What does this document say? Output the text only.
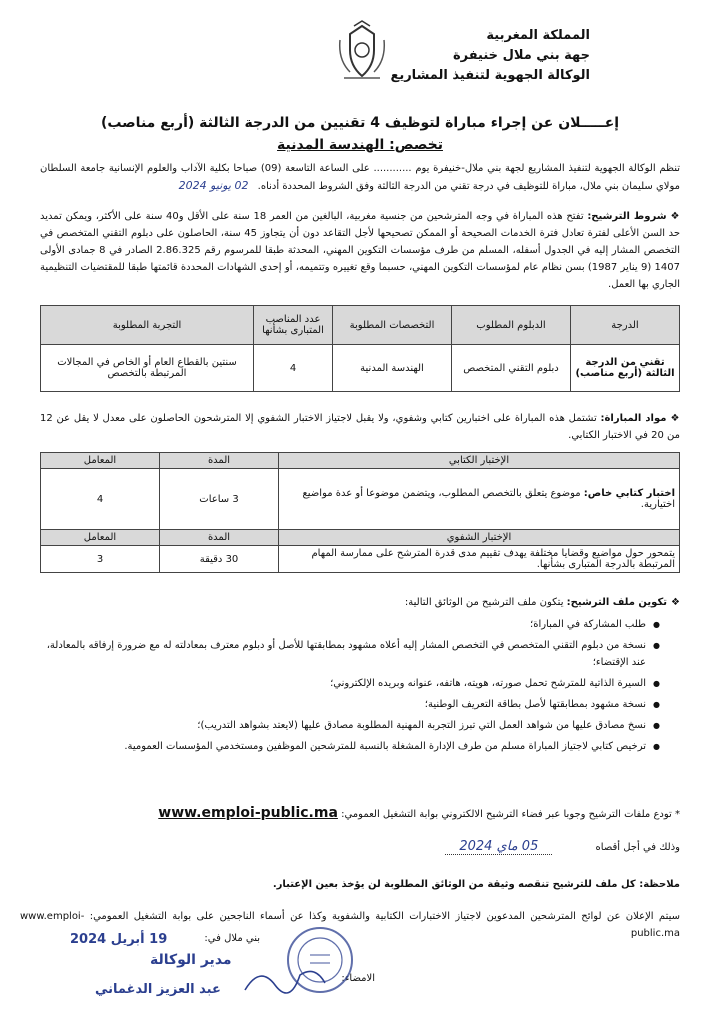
المملكة المغربية
جهة بني ملال خنيفرة
الوكالة الجهوية لتنفيذ المشاريع
إعـــــلان عن إجراء مباراة لتوظيف 4 تقنيين من الدرجة الثالثة (أربع مناصب)
تخصص: الهندسة المدنية
تنظم الوكالة الجهوية لتنفيذ المشاريع لجهة بني ملال-خنيفرة يوم ............ على الساعة التاسعة (09) صباحا بكلية الآداب والعلوم الإنسانية جامعة السلطان مولاي سليمان بني ملال، مباراة للتوظيف في درجة تقني من الدرجة الثالثة وفق الشروط المحددة أدناه. 02 يونيو 2024
❖ شروط الترشيح: تفتح هذه المباراة في وجه المترشحين من جنسية مغربية، البالغين من العمر 18 سنة على الأقل و40 سنة على الأكثر، ويمكن تمديد حد السن الأعلى لفترة تعادل فترة الخدمات الصحيحة أو الممكن تصحيحها لأجل التقاعد دون أن يتجاوز 45 سنة، الحاصلون على دبلوم التقني المتخصص في التخصص المشار إليه في الجدول أسفله، المسلم من طرف مؤسسات التكوين المهني، المحدثة طبقا للمرسوم رقم 2.86.325 الصادر في 8 جمادى الأولى 1407 (9 يناير 1987) بسن نظام عام لمؤسسات التكوين المهني، حسبما وقع تغييره وتتميمه، أو إحدى الشهادات المحددة قائمتها طبقا للمقتضيات التنظيمية الجاري بها العمل.
الدرجة	الدبلوم المطلوب	التخصصات المطلوبة	عدد المناصب المتبارى بشأنها	التجربة المطلوبة
تقني من الدرجة الثالثة (أربع مناصب)	دبلوم التقني المتخصص	الهندسة المدنية	4	سنتين بالقطاع العام أو الخاص في المجالات المرتبطة بالتخصص
❖ مواد المباراة: تشتمل هذه المباراة على اختبارين كتابي وشفوي، ولا يقبل لاجتياز الاختبار الشفوي إلا المترشحون الحاصلون على معدل لا يقل عن 12 من 20 في الاختبار الكتابي.
الإختبار الكتابي	المدة	المعامل
اختبار كتابي خاص: موضوع يتعلق بالتخصص المطلوب، ويتضمن موضوعا أو عدة مواضيع اختيارية.	3 ساعات	4
الإختبار الشفوي	المدة	المعامل
يتمحور حول مواضيع وقضايا مختلفة يهدف تقييم مدى قدرة المترشح على ممارسة المهام المرتبطة بالدرجة المتبارى بشأنها.	30 دقيقة	3
❖ تكوين ملف الترشيح: يتكون ملف الترشيح من الوثائق التالية:
● طلب المشاركة في المباراة؛
● نسخة من دبلوم التقني المتخصص في التخصص المشار إليه أعلاه مشهود بمطابقتها للأصل أو دبلوم معترف بمعادلته له مع ضرورة إرفاقه بالمعادلة، عند الإقتضاء؛
● السيرة الذاتية للمترشح تحمل صورته، هويته، هاتفه، عنوانه وبريده الإلكتروني؛
● نسخة مشهود بمطابقتها لأصل بطاقة التعريف الوطنية؛
● نسخ مصادق عليها من شواهد العمل التي تبرز التجربة المهنية المطلوبة مصادق عليها (لايعتد بشواهد التدريب)؛
● ترخيص كتابي لاجتياز المباراة مسلم من طرف الإدارة المشغلة بالنسبة للمترشحين الموظفين ومستخدمي المؤسسات العمومية.
* تودع ملفات الترشيح وجوبا عبر فضاء الترشيح الالكتروني بوابة التشغيل العمومي: www.emploi-public.ma
وذلك في أجل أقصاه 05 ماي 2024
ملاحظة: كل ملف للترشيح تنقصه وثيقة من الوثائق المطلوبة لن يؤخذ بعين الإعتبار.
سيتم الإعلان عن لوائح المترشحين المدعوين لاجتياز الاختبارات الكتابية والشفوية وكذا عن أسماء الناجحين على بوابة التشغيل العمومي: www.emploi-public.ma
بني ملال في:
19 أبريل 2024
مدير الوكالة
عبد العزيز الدغماني
الامضاء:
